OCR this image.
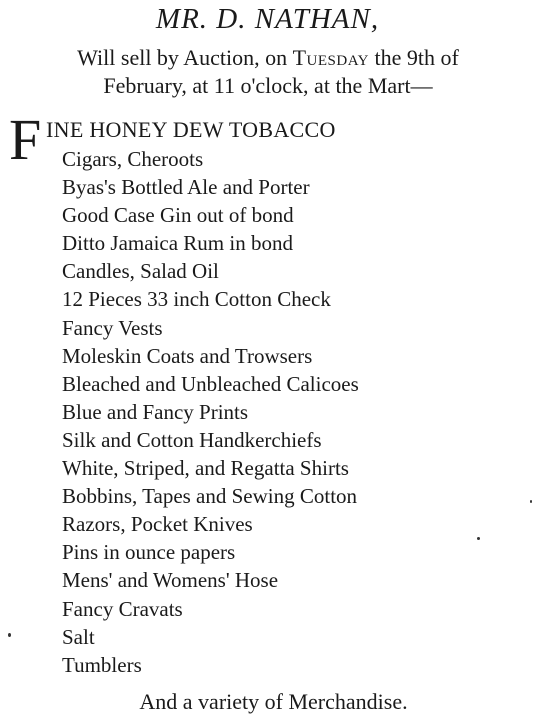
MR. D. NATHAN,
Will sell by Auction, on Tuesday the 9th of
February, at 11 o'clock, at the Mart—
F INE HONEY DEW TOBACCO
Cigars, Cheroots
Byas's Bottled Ale and Porter
Good Case Gin out of bond
Ditto Jamaica Rum in bond
Candles, Salad Oil
12 Pieces 33 inch Cotton Check
Fancy Vests
Moleskin Coats and Trowsers
Bleached and Unbleached Calicoes
Blue and Fancy Prints
Silk and Cotton Handkerchiefs
White, Striped, and Regatta Shirts
Bobbins, Tapes and Sewing Cotton
Razors, Pocket Knives
Pins in ounce papers
Mens' and Womens' Hose
Fancy Cravats
Salt
Tumblers
And a variety of Merchandise.
